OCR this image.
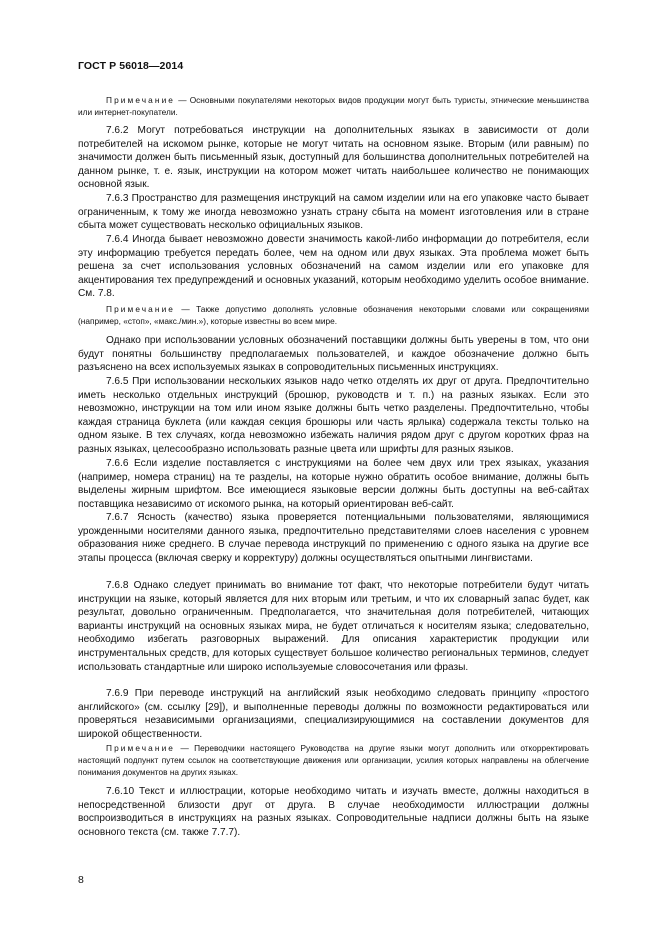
ГОСТ Р 56018—2014

Примечание — Основными покупателями некоторых видов продукции могут быть туристы, этнические меньшинства или интернет-покупатели.

7.6.2 Могут потребоваться инструкции на дополнительных языках в зависимости от доли потребителей на искомом рынке, которые не могут читать на основном языке. Вторым (или равным) по значимости должен быть письменный язык, доступный для большинства дополнительных потребителей на данном рынке, т. е. язык, инструкции на котором может читать наибольшее количество не понимающих основной язык.

7.6.3 Пространство для размещения инструкций на самом изделии или на его упаковке часто бывает ограниченным, к тому же иногда невозможно узнать страну сбыта на момент изготовления или в стране сбыта может существовать несколько официальных языков.

7.6.4 Иногда бывает невозможно довести значимость какой-либо информации до потребителя, если эту информацию требуется передать более, чем на одном или двух языках. Эта проблема может быть решена за счет использования условных обозначений на самом изделии или его упаковке для акцентирования тех предупреждений и основных указаний, которым необходимо уделить особое внимание. См. 7.8.

Примечание — Также допустимо дополнять условные обозначения некоторыми словами или сокращениями (например, «стоп», «макс./мин.»), которые известны во всем мире.

Однако при использовании условных обозначений поставщики должны быть уверены в том, что они будут понятны большинству предполагаемых пользователей, и каждое обозначение должно быть разъяснено на всех используемых языках в сопроводительных письменных инструкциях.

7.6.5 При использовании нескольких языков надо четко отделять их друг от друга. Предпочтительно иметь несколько отдельных инструкций (брошюр, руководств и т. п.) на разных языках. Если это невозможно, инструкции на том или ином языке должны быть четко разделены. Предпочтительно, чтобы каждая страница буклета (или каждая секция брошюры или часть ярлыка) содержала тексты только на одном языке. В тех случаях, когда невозможно избежать наличия рядом друг с другом коротких фраз на разных языках, целесообразно использовать разные цвета или шрифты для разных языков.

7.6.6 Если изделие поставляется с инструкциями на более чем двух или трех языках, указания (например, номера страниц) на те разделы, на которые нужно обратить особое внимание, должны быть выделены жирным шрифтом. Все имеющиеся языковые версии должны быть доступны на веб-сайтах поставщика независимо от искомого рынка, на который ориентирован веб-сайт.

7.6.7 Ясность (качество) языка проверяется потенциальными пользователями, являющимися урожденными носителями данного языка, предпочтительно представителями слоев населения с уровнем образования ниже среднего. В случае перевода инструкций по применению с одного языка на другие все этапы процесса (включая сверку и корректуру) должны осуществляться опытными лингвистами.

7.6.8 Однако следует принимать во внимание тот факт, что некоторые потребители будут читать инструкции на языке, который является для них вторым или третьим, и что их словарный запас будет, как результат, довольно ограниченным. Предполагается, что значительная доля потребителей, читающих варианты инструкций на основных языках мира, не будет отличаться к носителям языка; следовательно, необходимо избегать разговорных выражений. Для описания характеристик продукции или инструментальных средств, для которых существует большое количество региональных терминов, следует использовать стандартные или широко используемые словосочетания или фразы.

7.6.9 При переводе инструкций на английский язык необходимо следовать принципу «простого английского» (см. ссылку [29]), и выполненные переводы должны по возможности редактироваться или проверяться независимыми организациями, специализирующимися на составлении документов для широкой общественности.

Примечание — Переводчики настоящего Руководства на другие языки могут дополнить или откорректировать настоящий подпункт путем ссылок на соответствующие движения или организации, усилия которых направлены на облегчение понимания документов на других языках.

7.6.10 Текст и иллюстрации, которые необходимо читать и изучать вместе, должны находиться в непосредственной близости друг от друга. В случае необходимости иллюстрации должны воспроизводиться в инструкциях на разных языках. Сопроводительные надписи должны быть на языке основного текста (см. также 7.7.7).

8
